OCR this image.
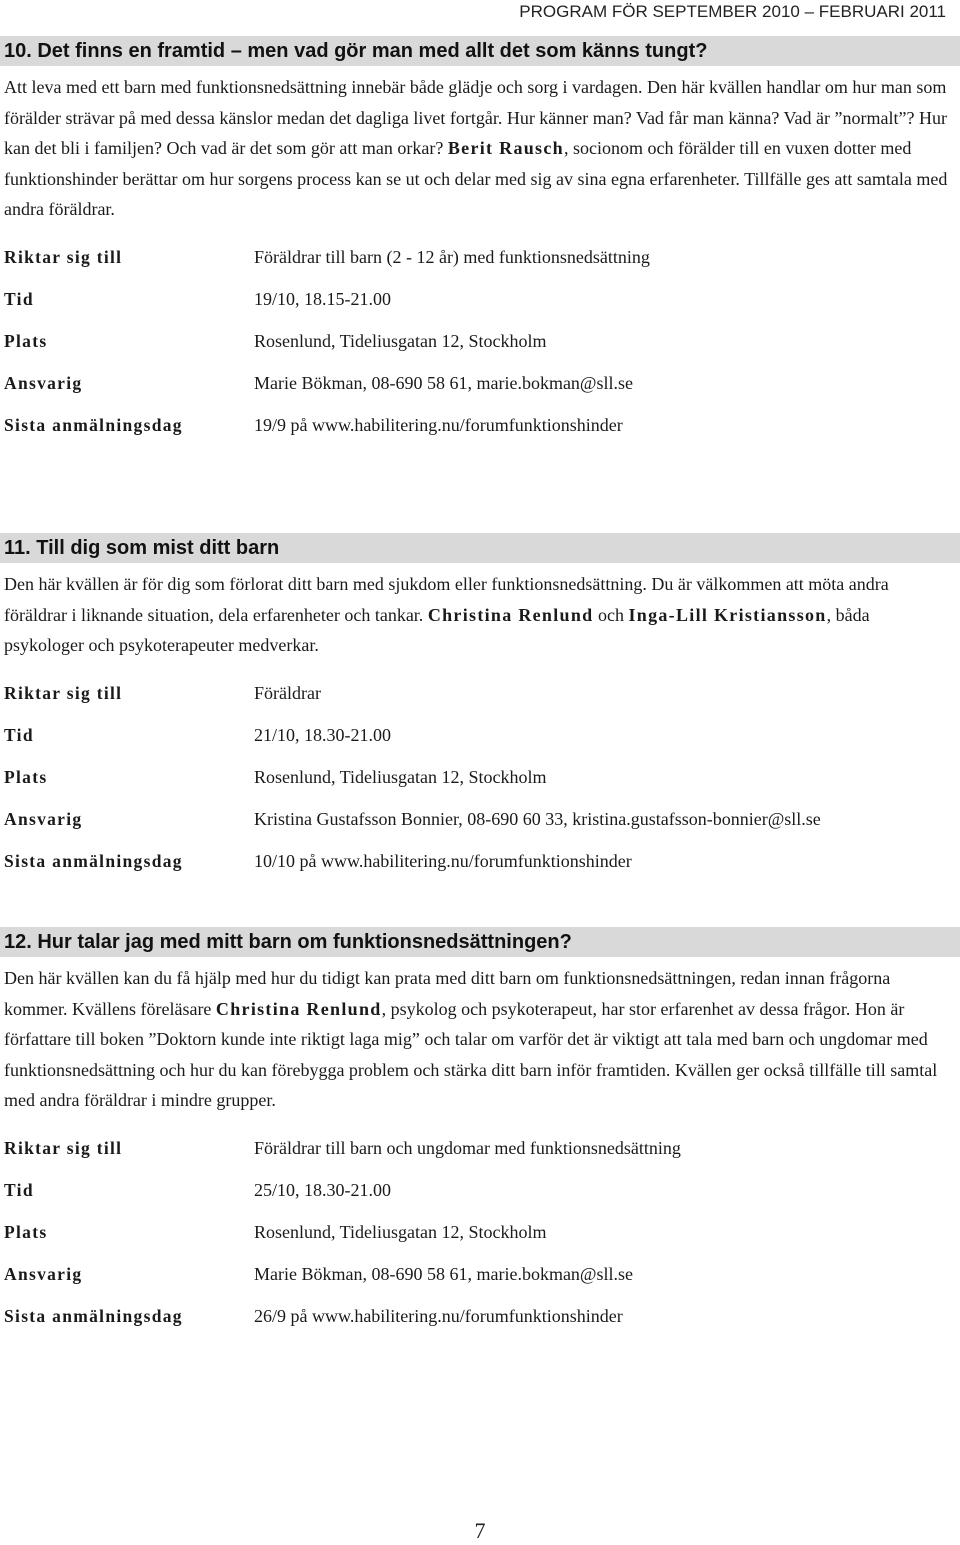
PROGRAM FÖR SEPTEMBER 2010 – FEBRUARI 2011
10. Det finns en framtid – men vad gör man med allt det som känns tungt?

Att leva med ett barn med funktionsnedsättning innebär både glädje och sorg i vardagen. Den här kvällen handlar om hur man som förälder strävar på med dessa känslor medan det dagliga livet fortgår. Hur känner man? Vad får man känna? Vad är ”normalt”? Hur kan det bli i familjen? Och vad är det som gör att man orkar? Berit Rausch, socionom och förälder till en vuxen dotter med funktionshinder berättar om hur sorgens process kan se ut och delar med sig av sina egna erfarenheter. Tillfälle ges att samtala med andra föräldrar.

Riktar sig till	Föräldrar till barn (2 - 12 år) med funktionsnedsättning
Tid	19/10, 18.15-21.00
Plats	Rosenlund, Tideliusgatan 12, Stockholm
Ansvarig	Marie Bökman, 08-690 58 61, marie.bokman@sll.se
Sista anmälningsdag	19/9 på www.habilitering.nu/forumfunktionshinder
11. Till dig som mist ditt barn

Den här kvällen är för dig som förlorat ditt barn med sjukdom eller funktionsnedsättning. Du är välkommen att möta andra föräldrar i liknande situation, dela erfarenheter och tankar. Christina Renlund och Inga-Lill Kristiansson, båda psykologer och psykoterapeuter medverkar.

Riktar sig till	Föräldrar
Tid	21/10, 18.30-21.00
Plats	Rosenlund, Tideliusgatan 12, Stockholm
Ansvarig	Kristina Gustafsson Bonnier, 08-690 60 33, kristina.gustafsson-bonnier@sll.se
Sista anmälningsdag	10/10 på www.habilitering.nu/forumfunktionshinder
12. Hur talar jag med mitt barn om funktionsnedsättningen?

Den här kvällen kan du få hjälp med hur du tidigt kan prata med ditt barn om funktionsnedsättningen, redan innan frågorna kommer. Kvällens föreläsare Christina Renlund, psykolog och psykoterapeut, har stor erfarenhet av dessa frågor. Hon är författare till boken ”Doktorn kunde inte riktigt laga mig” och talar om varför det är viktigt att tala med barn och ungdomar med funktionsnedsättning och hur du kan förebygga problem och stärka ditt barn inför framtiden. Kvällen ger också tillfälle till samtal med andra föräldrar i mindre grupper.

Riktar sig till	Föräldrar till barn och ungdomar med funktionsnedsättning
Tid	25/10, 18.30-21.00
Plats	Rosenlund, Tideliusgatan 12, Stockholm
Ansvarig	Marie Bökman, 08-690 58 61, marie.bokman@sll.se
Sista anmälningsdag	26/9 på www.habilitering.nu/forumfunktionshinder
7
